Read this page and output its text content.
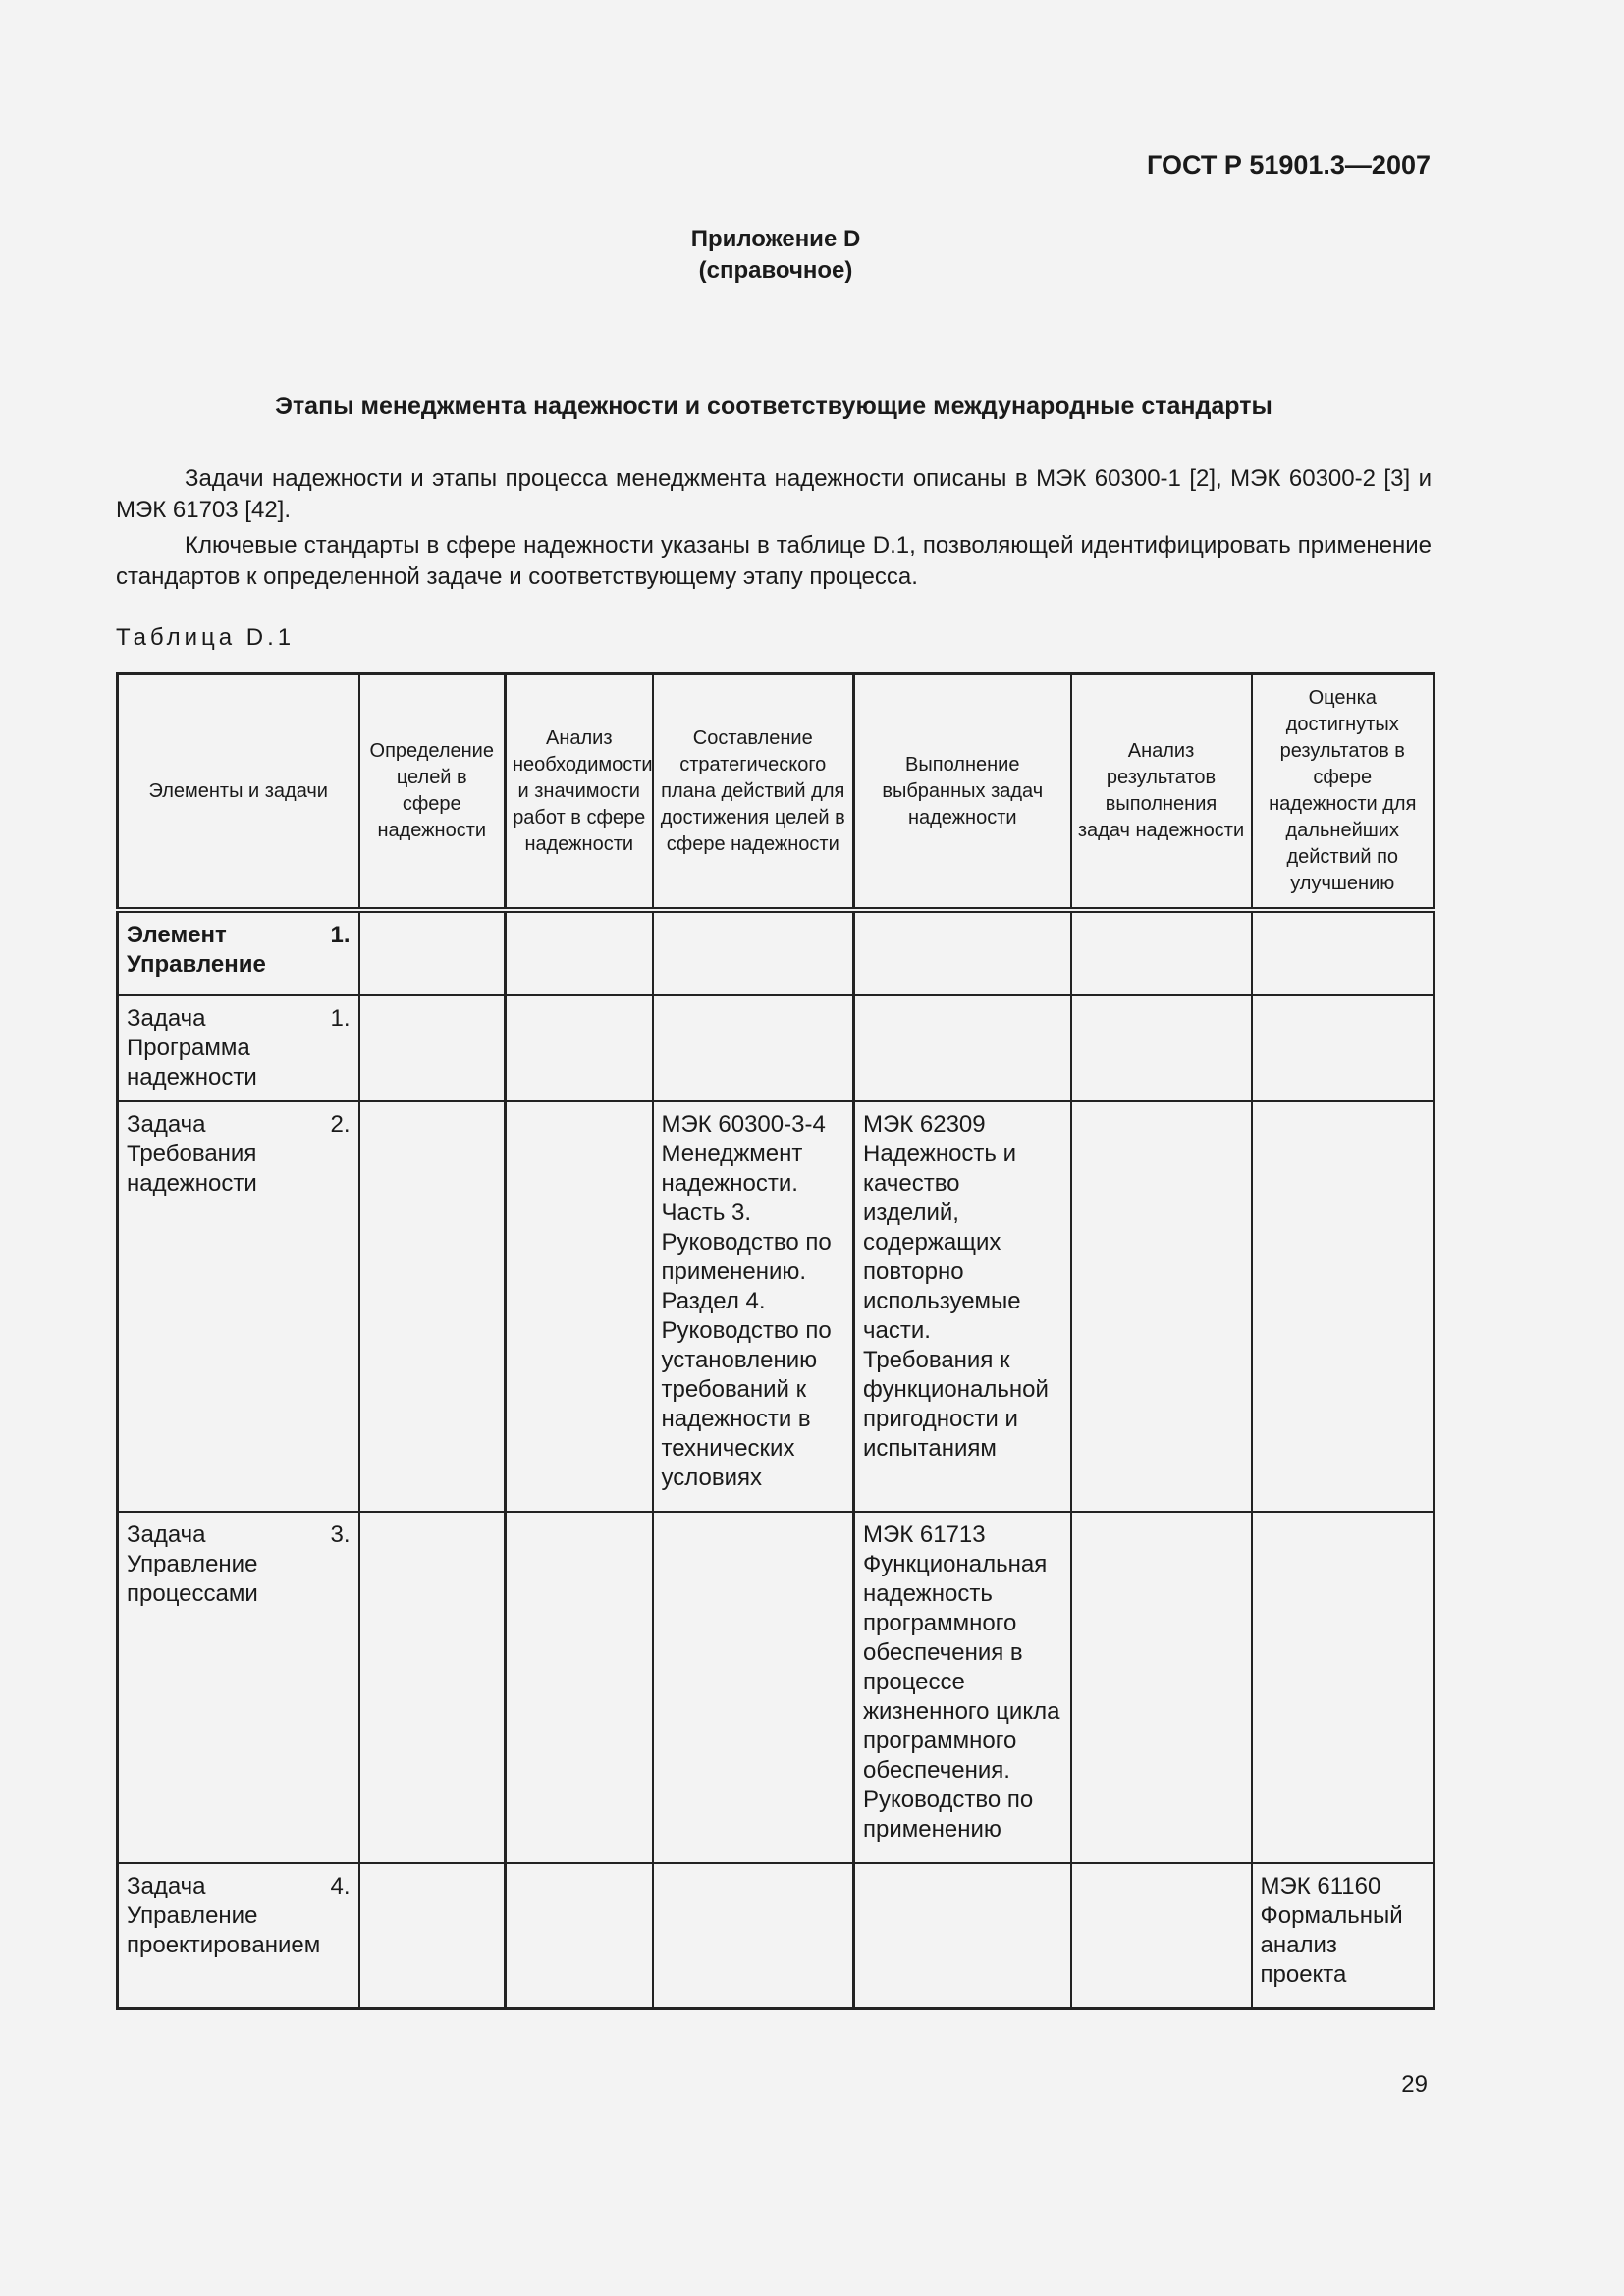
ГОСТ Р 51901.3—2007
Приложение D
(справочное)
Этапы менеджмента надежности и соответствующие международные стандарты

Задачи надежности и этапы процесса менеджмента надежности описаны в МЭК 60300-1 [2], МЭК 60300-2 [3] и МЭК 61703 [42].

Ключевые стандарты в сфере надежности указаны в таблице D.1, позволяющей идентифицировать применение стандартов к определенной задаче и соответствующему этапу процесса.

Таблица D.1
Элементы и задачи	Определение целей в сфере надежности	Анализ необходимости и значимости работ в сфере надежности	Составление стратегического плана действий для достижения целей в сфере надежности	Выполнение выбранных задач надежности	Анализ результатов выполнения задач надежности	Оценка достигнутых результатов в сфере надежности для дальнейших действий по улучшению
Элемент 1. Управление						
Задача 1. Программа надежности						
Задача 2. Требования надежности			МЭК 60300-3-4 Менеджмент надежности. Часть 3. Руководство по применению. Раздел 4. Руководство по установлению требований к надежности в технических условиях	МЭК 62309 Надежность и качество изделий, содержащих повторно используемые части. Требования к функциональной пригодности и испытаниям		
Задача 3. Управление процессами				МЭК 61713 Функциональная надежность программного обеспечения в процессе жизненного цикла программного обеспечения. Руководство по применению		
Задача 4. Управление проектированием						МЭК 61160 Формальный анализ проекта
29
